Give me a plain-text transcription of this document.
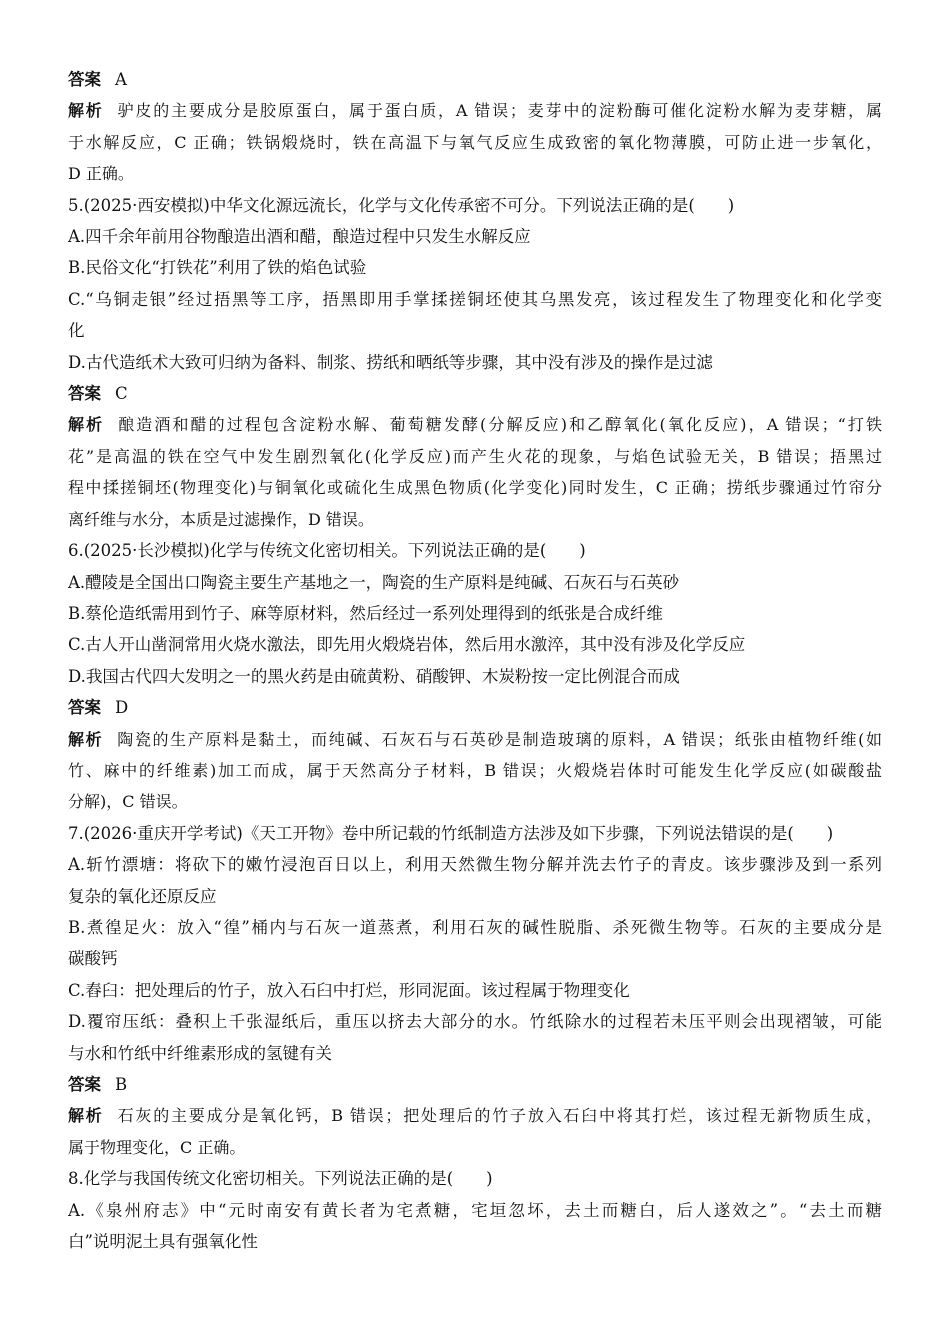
答案 A
解析 驴皮的主要成分是胶原蛋白，属于蛋白质，A 错误；麦芽中的淀粉酶可催化淀粉水解为麦芽糖，属
于水解反应，C 正确；铁锅煅烧时，铁在高温下与氧气反应生成致密的氧化物薄膜，可防止进一步氧化，
D 正确。
5.(2025·西安模拟)中华文化源远流长，化学与文化传承密不可分。下列说法正确的是(　　)
A.四千余年前用谷物酿造出酒和醋，酿造过程中只发生水解反应
B.民俗文化“打铁花”利用了铁的焰色试验
C.“乌铜走银”经过捂黑等工序，捂黑即用手掌揉搓铜坯使其乌黑发亮，该过程发生了物理变化和化学变
化
D.古代造纸术大致可归纳为备料、制浆、捞纸和晒纸等步骤，其中没有涉及的操作是过滤
答案 C
解析 酿造酒和醋的过程包含淀粉水解、葡萄糖发酵(分解反应)和乙醇氧化(氧化反应)，A 错误；“打铁
花”是高温的铁在空气中发生剧烈氧化(化学反应)而产生火花的现象，与焰色试验无关，B 错误；捂黑过
程中揉搓铜坯(物理变化)与铜氧化或硫化生成黑色物质(化学变化)同时发生，C 正确；捞纸步骤通过竹帘分
离纤维与水分，本质是过滤操作，D 错误。
6.(2025·长沙模拟)化学与传统文化密切相关。下列说法正确的是(　　)
A.醴陵是全国出口陶瓷主要生产基地之一，陶瓷的生产原料是纯碱、石灰石与石英砂
B.蔡伦造纸需用到竹子、麻等原材料，然后经过一系列处理得到的纸张是合成纤维
C.古人开山凿洞常用火烧水激法，即先用火煅烧岩体，然后用水激淬，其中没有涉及化学反应
D.我国古代四大发明之一的黑火药是由硫黄粉、硝酸钾、木炭粉按一定比例混合而成
答案 D
解析 陶瓷的生产原料是黏土，而纯碱、石灰石与石英砂是制造玻璃的原料，A 错误；纸张由植物纤维(如
竹、麻中的纤维素)加工而成，属于天然高分子材料，B 错误；火煅烧岩体时可能发生化学反应(如碳酸盐
分解)，C 错误。
7.(2026·重庆开学考试)《天工开物》卷中所记载的竹纸制造方法涉及如下步骤，下列说法错误的是(　　)
A.斩竹漂塘：将砍下的嫩竹浸泡百日以上，利用天然微生物分解并洗去竹子的青皮。该步骤涉及到一系列
复杂的氧化还原反应
B.煮徨足火：放入“徨”桶内与石灰一道蒸煮，利用石灰的碱性脱脂、杀死微生物等。石灰的主要成分是
碳酸钙
C.舂臼：把处理后的竹子，放入石臼中打烂，形同泥面。该过程属于物理变化
D.覆帘压纸：叠积上千张湿纸后，重压以挤去大部分的水。竹纸除水的过程若未压平则会出现褶皱，可能
与水和竹纸中纤维素形成的氢键有关
答案 B
解析 石灰的主要成分是氧化钙，B 错误；把处理后的竹子放入石臼中将其打烂，该过程无新物质生成，
属于物理变化，C 正确。
8.化学与我国传统文化密切相关。下列说法正确的是(　　)
A.《泉州府志》中“元时南安有黄长者为宅煮糖，宅垣忽坏，去土而糖白，后人遂效之”。“去土而糖
白”说明泥土具有强氧化性
